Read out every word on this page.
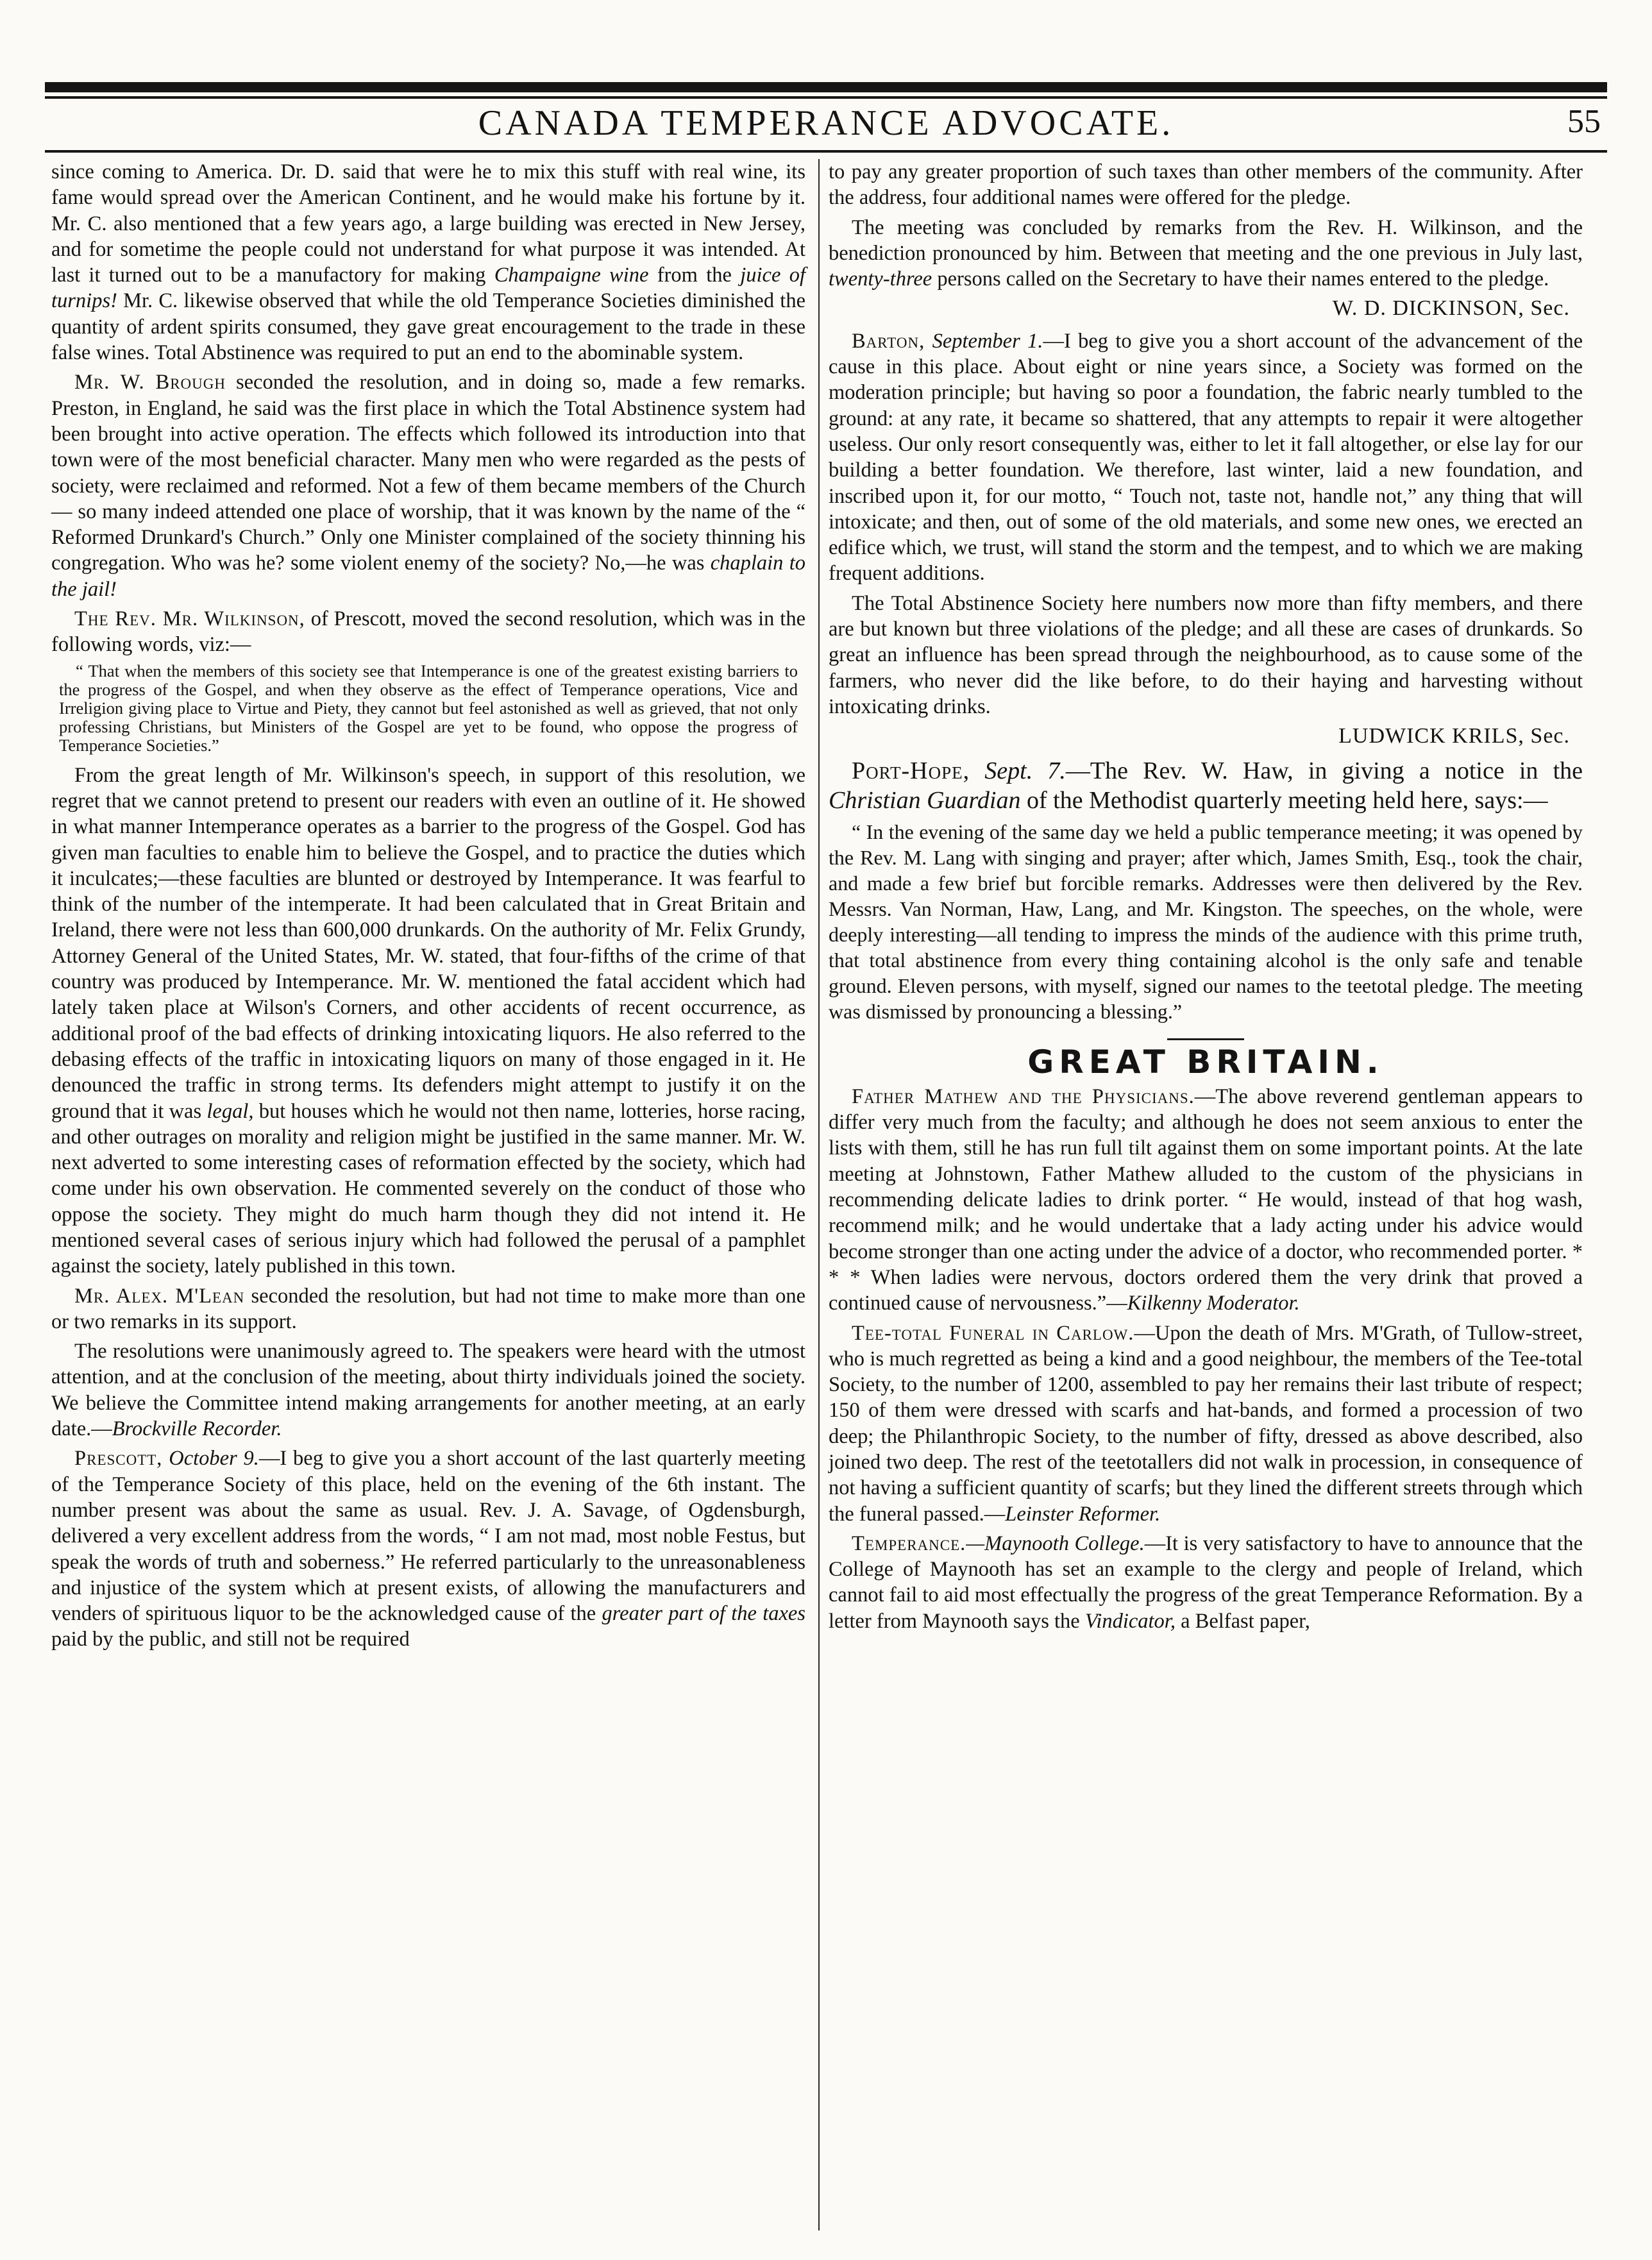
CANADA TEMPERANCE ADVOCATE.	55

since coming to America. Dr. D. said that were he to mix this stuff with real wine, its fame would spread over the American Continent, and he would make his fortune by it. Mr. C. also mentioned that a few years ago, a large building was erected in New Jersey, and for sometime the people could not understand for what purpose it was intended. At last it turned out to be a manufactory for making Champaigne wine from the juice of turnips! Mr. C. likewise observed that while the old Temperance Societies diminished the quantity of ardent spirits consumed, they gave great encouragement to the trade in these false wines. Total Abstinence was required to put an end to the abominable system.

Mr. W. Brough seconded the resolution, and in doing so, made a few remarks. Preston, in England, he said was the first place in which the Total Abstinence system had been brought into active operation. The effects which followed its introduction into that town were of the most beneficial character. Many men who were regarded as the pests of society, were reclaimed and reformed. Not a few of them became members of the Church— so many indeed attended one place of worship, that it was known by the name of the “ Reformed Drunkard's Church.” Only one Minister complained of the society thinning his congregation. Who was he? some violent enemy of the society? No,—he was chaplain to the jail!

The Rev. Mr. Wilkinson, of Prescott, moved the second resolution, which was in the following words, viz:—

“ That when the members of this society see that Intemperance is one of the greatest existing barriers to the progress of the Gospel, and when they observe as the effect of Temperance operations, Vice and Irreligion giving place to Virtue and Piety, they cannot but feel astonished as well as grieved, that not only professing Christians, but Ministers of the Gospel are yet to be found, who oppose the progress of Temperance Societies.”

From the great length of Mr. Wilkinson's speech, in support of this resolution, we regret that we cannot pretend to present our readers with even an outline of it. He showed in what manner Intemperance operates as a barrier to the progress of the Gospel. God has given man faculties to enable him to believe the Gospel, and to practice the duties which it inculcates;—these faculties are blunted or destroyed by Intemperance. It was fearful to think of the number of the intemperate. It had been calculated that in Great Britain and Ireland, there were not less than 600,000 drunkards. On the authority of Mr. Felix Grundy, Attorney General of the United States, Mr. W. stated, that four-fifths of the crime of that country was produced by Intemperance. Mr. W. mentioned the fatal accident which had lately taken place at Wilson's Corners, and other accidents of recent occurrence, as additional proof of the bad effects of drinking intoxicating liquors. He also referred to the debasing effects of the traffic in intoxicating liquors on many of those engaged in it. He denounced the traffic in strong terms. Its defenders might attempt to justify it on the ground that it was legal, but houses which he would not then name, lotteries, horse racing, and other outrages on morality and religion might be justified in the same manner. Mr. W. next adverted to some interesting cases of reformation effected by the society, which had come under his own observation. He commented severely on the conduct of those who oppose the society. They might do much harm though they did not intend it. He mentioned several cases of serious injury which had followed the perusal of a pamphlet against the society, lately published in this town.

Mr. Alex. M'Lean seconded the resolution, but had not time to make more than one or two remarks in its support.

The resolutions were unanimously agreed to. The speakers were heard with the utmost attention, and at the conclusion of the meeting, about thirty individuals joined the society. We believe the Committee intend making arrangements for another meeting, at an early date.—Brockville Recorder.

Prescott, October 9.—I beg to give you a short account of the last quarterly meeting of the Temperance Society of this place, held on the evening of the 6th instant. The number present was about the same as usual. Rev. J. A. Savage, of Ogdensburgh, delivered a very excellent address from the words, “ I am not mad, most noble Festus, but speak the words of truth and soberness.” He referred particularly to the unreasonableness and injustice of the system which at present exists, of allowing the manufacturers and venders of spirituous liquor to be the acknowledged cause of the greater part of the taxes paid by the public, and still not be required

to pay any greater proportion of such taxes than other members of the community. After the address, four additional names were offered for the pledge.

The meeting was concluded by remarks from the Rev. H. Wilkinson, and the benediction pronounced by him. Between that meeting and the one previous in July last, twenty-three persons called on the Secretary to have their names entered to the pledge.

W. D. DICKINSON, Sec.

Barton, September 1.—I beg to give you a short account of the advancement of the cause in this place. About eight or nine years since, a Society was formed on the moderation principle; but having so poor a foundation, the fabric nearly tumbled to the ground: at any rate, it became so shattered, that any attempts to repair it were altogether useless. Our only resort consequently was, either to let it fall altogether, or else lay for our building a better foundation. We therefore, last winter, laid a new foundation, and inscribed upon it, for our motto, “ Touch not, taste not, handle not,” any thing that will intoxicate; and then, out of some of the old materials, and some new ones, we erected an edifice which, we trust, will stand the storm and the tempest, and to which we are making frequent additions.

The Total Abstinence Society here numbers now more than fifty members, and there are but known but three violations of the pledge; and all these are cases of drunkards. So great an influence has been spread through the neighbourhood, as to cause some of the farmers, who never did the like before, to do their haying and harvesting without intoxicating drinks.

LUDWICK KRILS, Sec.

Port-Hope, Sept. 7.—The Rev. W. Haw, in giving a notice in the Christian Guardian of the Methodist quarterly meeting held here, says:—

“ In the evening of the same day we held a public temperance meeting; it was opened by the Rev. M. Lang with singing and prayer; after which, James Smith, Esq., took the chair, and made a few brief but forcible remarks. Addresses were then delivered by the Rev. Messrs. Van Norman, Haw, Lang, and Mr. Kingston. The speeches, on the whole, were deeply interesting—all tending to impress the minds of the audience with this prime truth, that total abstinence from every thing containing alcohol is the only safe and tenable ground. Eleven persons, with myself, signed our names to the teetotal pledge. The meeting was dismissed by pronouncing a blessing.”

GREAT BRITAIN.

Father Mathew and the Physicians.—The above reverend gentleman appears to differ very much from the faculty; and although he does not seem anxious to enter the lists with them, still he has run full tilt against them on some important points. At the late meeting at Johnstown, Father Mathew alluded to the custom of the physicians in recommending delicate ladies to drink porter. “ He would, instead of that hog wash, recommend milk; and he would undertake that a lady acting under his advice would become stronger than one acting under the advice of a doctor, who recommended porter. * * * When ladies were nervous, doctors ordered them the very drink that proved a continued cause of nervousness.”—Kilkenny Moderator.

Tee-total Funeral in Carlow.—Upon the death of Mrs. M'Grath, of Tullow-street, who is much regretted as being a kind and a good neighbour, the members of the Tee-total Society, to the number of 1200, assembled to pay her remains their last tribute of respect; 150 of them were dressed with scarfs and hat-bands, and formed a procession of two deep; the Philanthropic Society, to the number of fifty, dressed as above described, also joined two deep. The rest of the teetotallers did not walk in procession, in consequence of not having a sufficient quantity of scarfs; but they lined the different streets through which the funeral passed.—Leinster Reformer.

Temperance.—Maynooth College.—It is very satisfactory to have to announce that the College of Maynooth has set an example to the clergy and people of Ireland, which cannot fail to aid most effectually the progress of the great Temperance Reformation. By a letter from Maynooth says the Vindicator, a Belfast paper,
